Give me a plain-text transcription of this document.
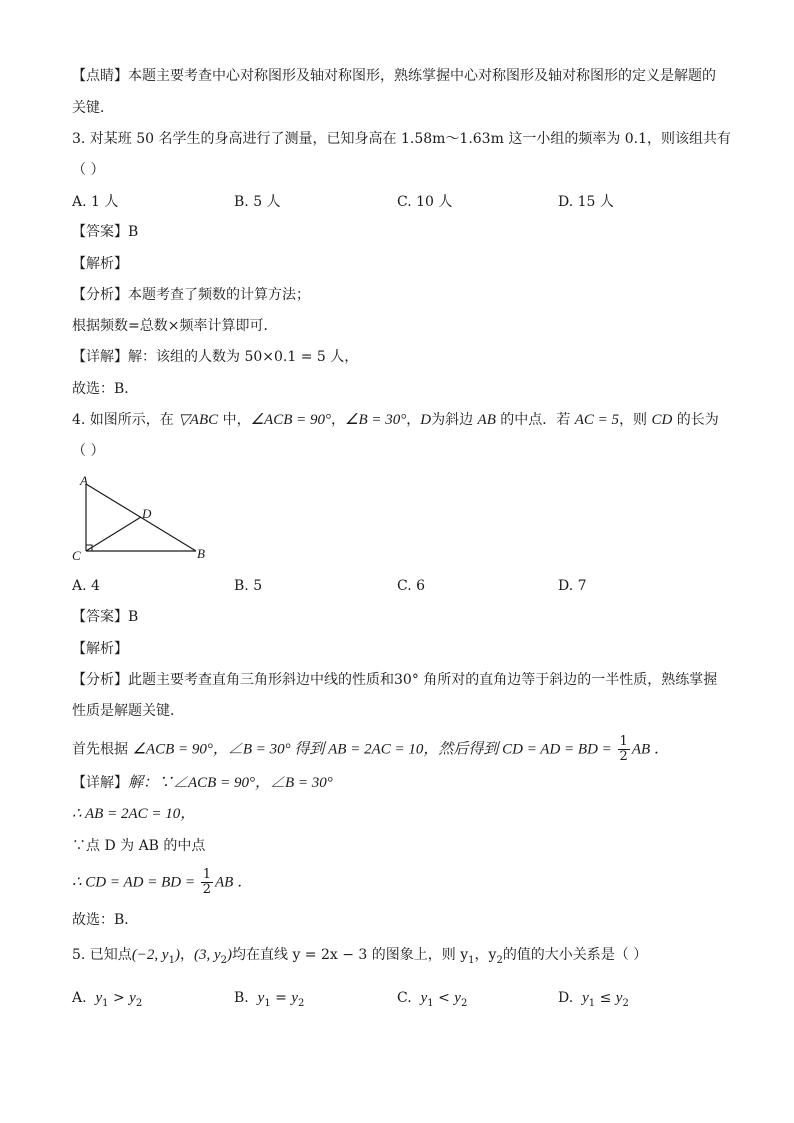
【点睛】本题主要考查中心对称图形及轴对称图形，熟练掌握中心对称图形及轴对称图形的定义是解题的
关键．
3. 对某班 50 名学生的身高进行了测量，已知身高在 1.58m～1.63m 这一小组的频率为 0.1，则该组共有
（ ）
A. 1 人	B. 5 人	C. 10 人	D. 15 人
【答案】B
【解析】
【分析】本题考查了频数的计算方法；
根据频数=总数×频率计算即可．
【详解】解：该组的人数为 50×0.1 = 5 人，
故选：B．
4. 如图所示，在 ▽ABC 中，∠ACB = 90°，∠B = 30°，D为斜边 AB 的中点．若 AC = 5，则 CD 的长为
（ ）
A
C	B
D
A. 4	B. 5	C. 6	D. 7
【答案】B
【解析】
【分析】此题主要考查直角三角形斜边中线的性质和30° 角所对的直角边等于斜边的一半性质，熟练掌握
性质是解题关键．
首先根据 ∠ACB = 90°，∠B = 30° 得到 AB = 2AC = 10，然后得到 CD = AD = BD = $\frac{1}{2}$ AB ．
【详解】解：∵∠ACB = 90°，∠B = 30°
∴ AB = 2AC = 10，
∵点 D 为 AB 的中点
∴ CD = AD = BD = $\frac{1}{2}$ AB ．
故选：B．
5. 已知点(−2, $y_1$)，(3, $y_2$)均在直线 y = 2x − 3 的图象上，则 $y_1$，$y_2$的值的大小关系是（ ）
A. $y_1 > y_2$	B. $y_1 = y_2$	C. $y_1 < y_2$	D. $y_1 \le y_2$
